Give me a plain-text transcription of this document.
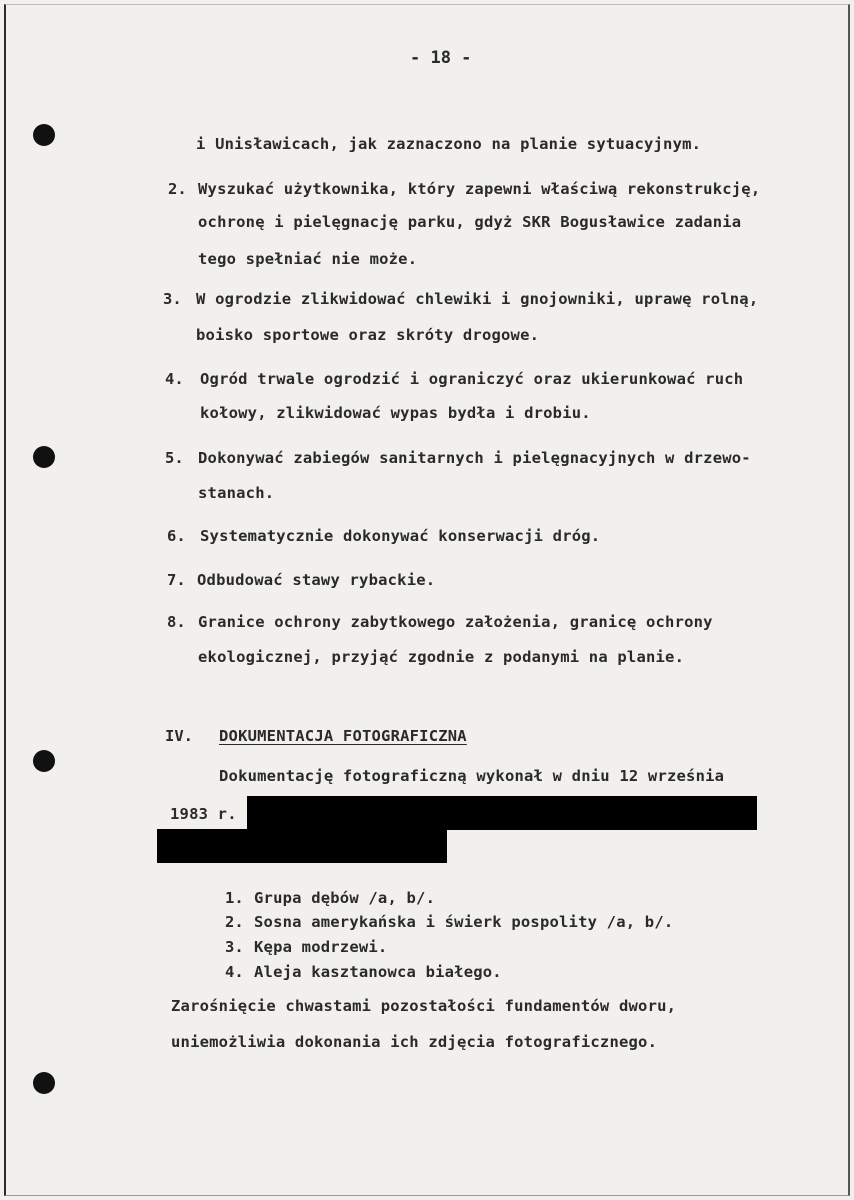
- 18 -
i Unisławicach, jak zaznaczono na planie sytuacyjnym.
2. Wyszukać użytkownika, który zapewni właściwą rekonstrukcję,
ochronę i pielęgnację parku, gdyż SKR Bogusławice zadania
tego spełniać nie może.
3. W ogrodzie zlikwidować chlewiki i gnojowniki, uprawę rolną,
boisko sportowe oraz skróty drogowe.
4. Ogród trwale ogrodzić i ograniczyć oraz ukierunkować ruch
kołowy, zlikwidować wypas bydła i drobiu.
5. Dokonywać zabiegów sanitarnych i pielęgnacyjnych w drzewo-
stanach.
6. Systematycznie dokonywać konserwacji dróg.
7. Odbudować stawy rybackie.
8. Granice ochrony zabytkowego założenia, granicę ochrony
ekologicznej, przyjąć zgodnie z podanymi na planie.
IV. DOKUMENTACJA FOTOGRAFICZNA
Dokumentację fotograficzną wykonał w dniu 12 września
1983 r.
1. Grupa dębów /a, b/.
2. Sosna amerykańska i świerk pospolity /a, b/.
3. Kępa modrzewi.
4. Aleja kasztanowca białego.
Zarośnięcie chwastami pozostałości fundamentów dworu,
uniemożliwia dokonania ich zdjęcia fotograficznego.
